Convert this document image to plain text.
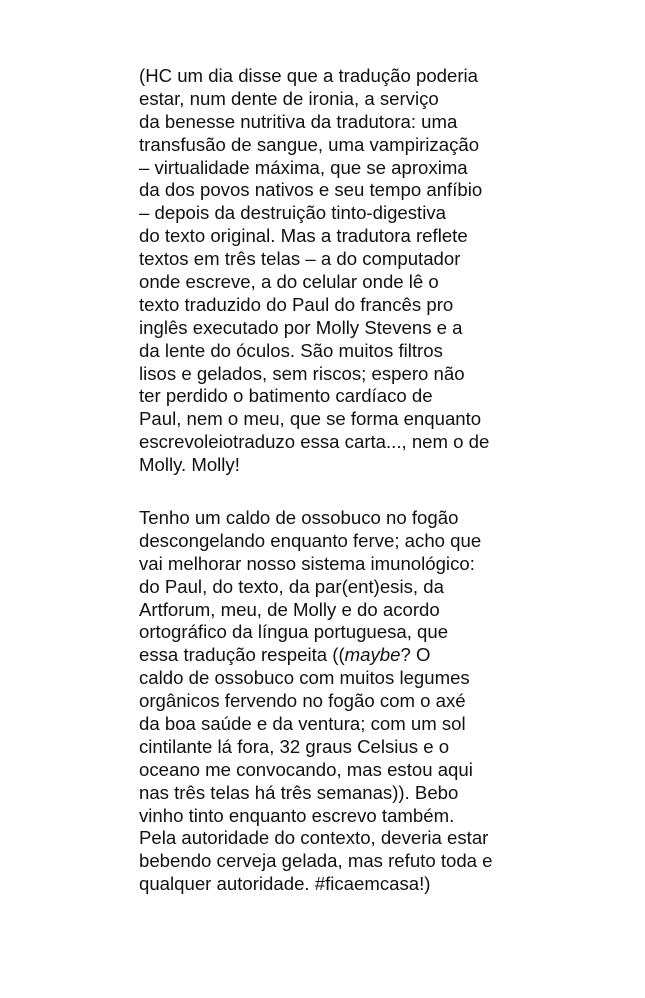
(HC um dia disse que a tradução poderia
estar, num dente de ironia, a serviço
da benesse nutritiva da tradutora: uma
transfusão de sangue, uma vampirização
– virtualidade máxima, que se aproxima
da dos povos nativos e seu tempo anfíbio
– depois da destruição tinto-digestiva
do texto original. Mas a tradutora reflete
textos em três telas – a do computador
onde escreve, a do celular onde lê o
texto traduzido do Paul do francês pro
inglês executado por Molly Stevens e a
da lente do óculos. São muitos filtros
lisos e gelados, sem riscos; espero não
ter perdido o batimento cardíaco de
Paul, nem o meu, que se forma enquanto
escrevoleiotraduzo essa carta..., nem o de
Molly. Molly!
Tenho um caldo de ossobuco no fogão
descongelando enquanto ferve; acho que
vai melhorar nosso sistema imunológico:
do Paul, do texto, da par(ent)esis, da
Artforum, meu, de Molly e do acordo
ortográfico da língua portuguesa, que
essa tradução respeita ((maybe? O
caldo de ossobuco com muitos legumes
orgânicos fervendo no fogão com o axé
da boa saúde e da ventura; com um sol
cintilante lá fora, 32 graus Celsius e o
oceano me convocando, mas estou aqui
nas três telas há três semanas)). Bebo
vinho tinto enquanto escrevo também.
Pela autoridade do contexto, deveria estar
bebendo cerveja gelada, mas refuto toda e
qualquer autoridade. #ficaemcasa!)
